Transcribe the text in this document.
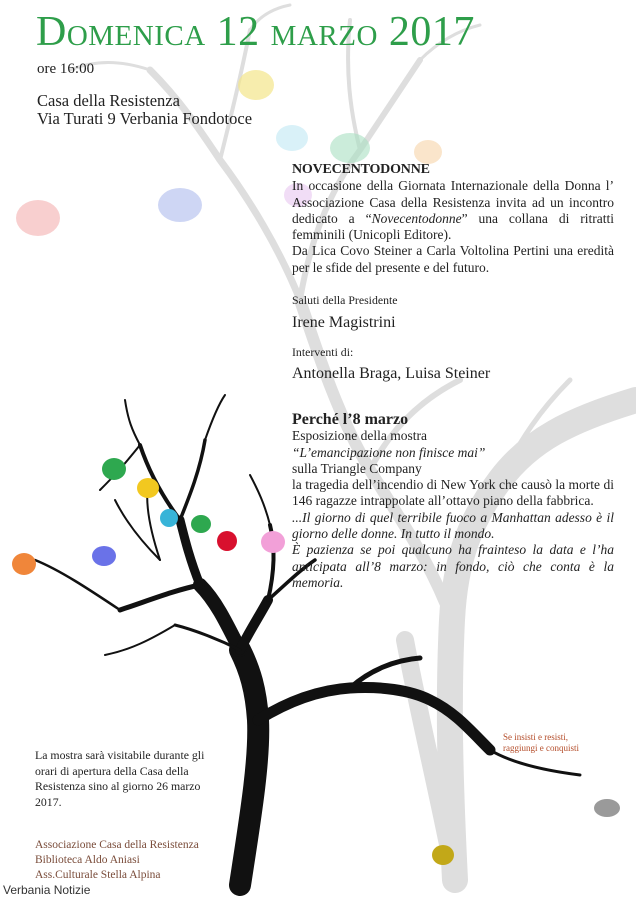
Domenica 12 marzo 2017
ore 16:00
Casa della Resistenza
Via Turati 9 Verbania Fondotoce
NOVECENTODONNE
In occasione della Giornata Internazionale della Donna l’ Associazione Casa della Resistenza invita ad un incontro dedicato a “Novecentodonne” una collana di ritratti femminili (Unicopli Editore).
Da Lica Covo Steiner a Carla Voltolina Pertini una eredità per le sfide del presente e del futuro.
Saluti della Presidente
Irene Magistrini
Interventi di:
Antonella Braga, Luisa Steiner
Perché l’8 marzo
Esposizione della mostra
“L’emancipazione non finisce mai”
sulla Triangle Company
la tragedia dell’incendio di New York che causò la morte di 146 ragazze intrappolate all’ottavo piano della fabbrica.
...Il giorno di quel terribile fuoco a Manhattan adesso è il giorno delle donne. In tutto il mondo.
È pazienza se poi qualcuno ha frainteso la data e l’ha anticipata all’8 marzo: in fondo, ciò che conta è la memoria.
Se insisti e resisti,
raggiungi e conquisti
La mostra sarà visitabile durante gli orari di apertura della Casa della Resistenza sino al giorno 26 marzo 2017.
Associazione Casa della Resistenza
Biblioteca Aldo Aniasi
Ass.Culturale Stella Alpina
Verbania Notizie
